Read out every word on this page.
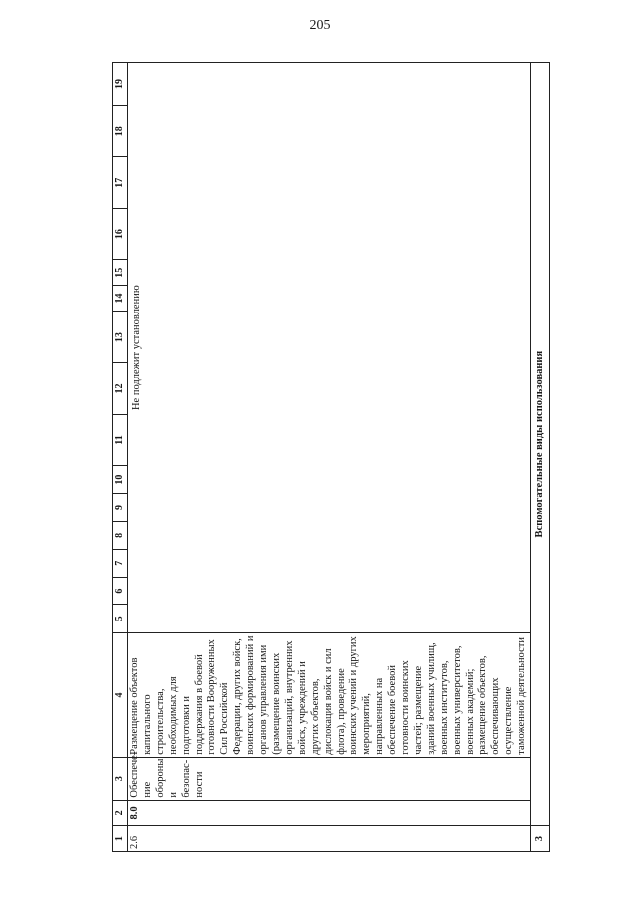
205
1	2	3	4	5	6	7	8	9	10	11	12	13	14	15	16	17	18	19

2.6	8.0	Обеспече-ние обороны и безопас-ности	Размещение объектов капитального строительства, необходимых для подготовки и поддержания в боевой готовности Вооруженных Сил Российской Федерации, других войск, воинских формирований и органов управления ими (размещение воинских организаций, внутренних войск, учреждений и других объектов, дислокация войск и сил флота), проведение воинских учений и других мероприятий, направленных на обеспечение боевой готовности воинских частей; размещение зданий военных училищ, военных институтов, военных университетов, военных академий; размещение объектов, обеспечивающих осуществление таможенной деятельности	Не подлежит установлению														

3	Вспомогательные виды использования																	
